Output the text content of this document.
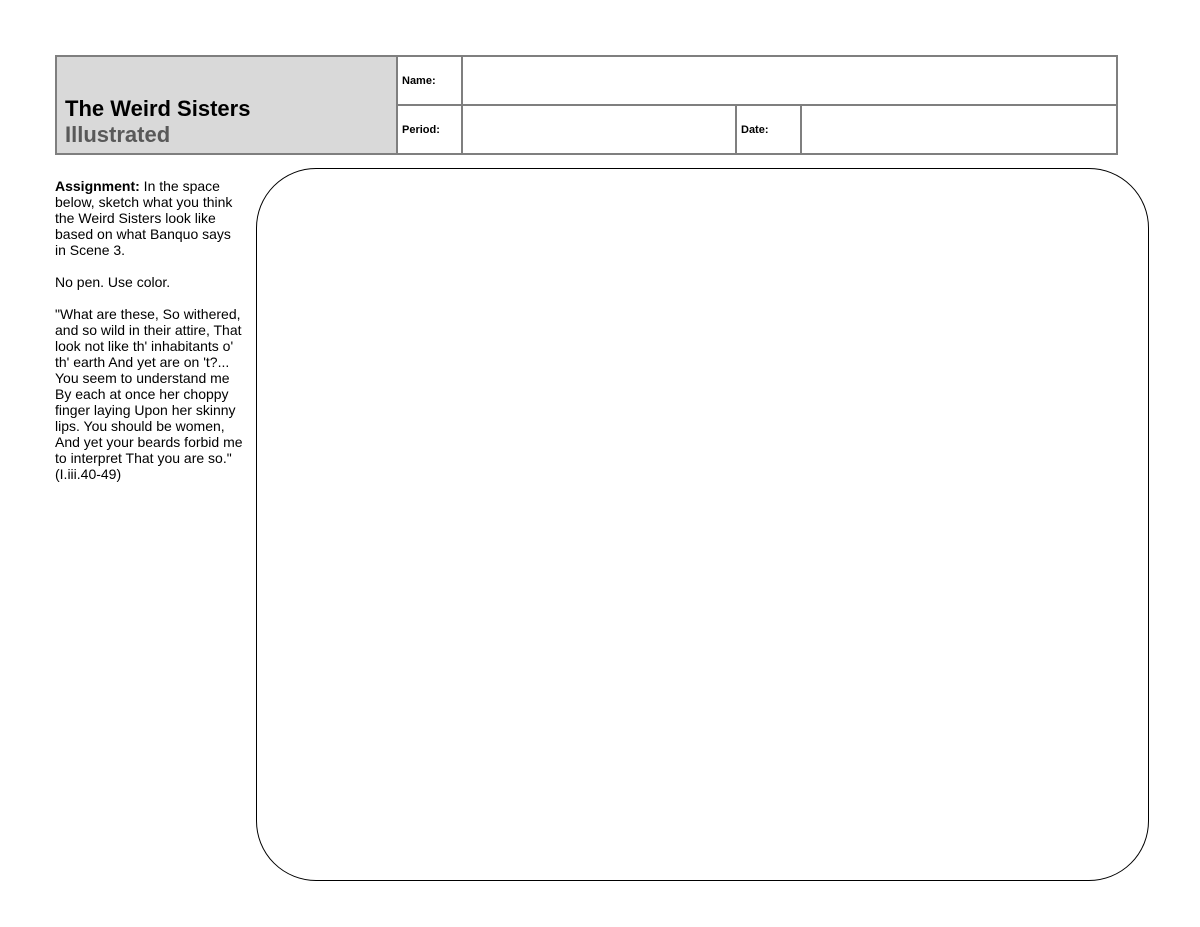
The Weird Sisters
Illustrated
Name:
Period:	Date:

Assignment: In the space below, sketch what you think the Weird Sisters look like based on what Banquo says
in Scene 3.

No pen. Use color.

"What are these, So withered, and so wild in their attire, That look not like th' inhabitants o' th' earth And yet are on 't?... You seem to understand me By each at once her choppy finger laying Upon her skinny lips. You should be women, And yet your beards forbid me to interpret That you are so." (I.iii.40-49)
